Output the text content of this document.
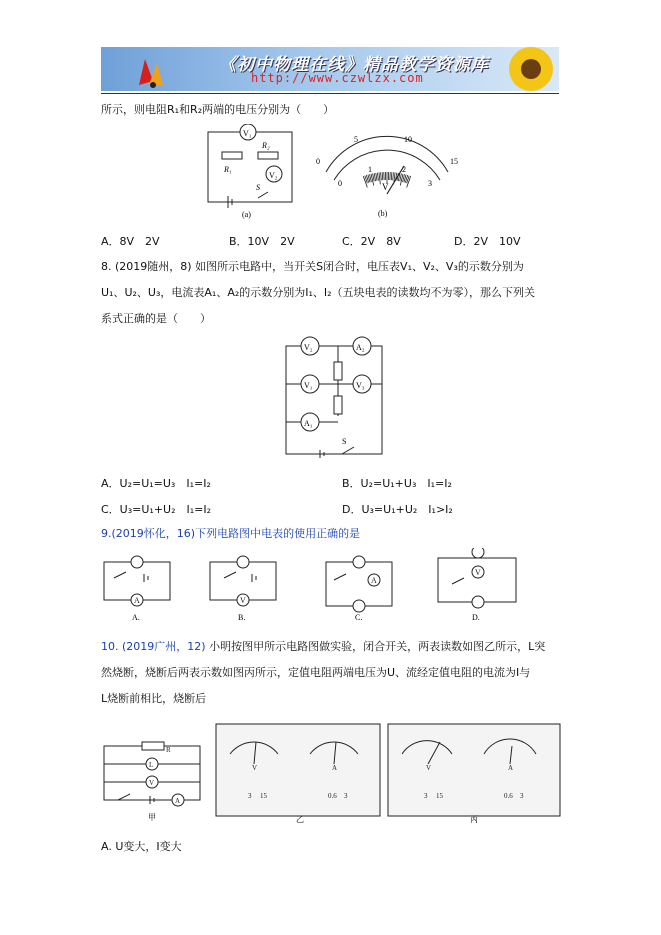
《初中物理在线》精品教学资源库
http://www.czwlzx.com
所示，则电阻R₁和R₂两端的电压分别为（　　）
V₁
V₂
R₁
R₂
S
(a)
0
5	10
15
0
1	2
3
V
(b)
A．8V　2V	B．10V　2V	C．2V　8V	D．2V　10V
8. (2019随州，8) 如图所示电路中，当开关S闭合时，电压表V₁、V₂、V₃的示数分别为
U₁、U₂、U₃，电流表A₁、A₂的示数分别为I₁、I₂（五块电表的读数均不为零），那么下列关
系式正确的是（　　）
V₂	A₂
V₁	V₃
A₁
S
A．U₂=U₁=U₃　I₁=I₂	B．U₂=U₁+U₃　I₁=I₂
C．U₃=U₁+U₂　I₁=I₂	D．U₃=U₁+U₂　I₁>I₂
9.(2019怀化，16)下列电路图中电表的使用正确的是
A	V
A
V
A.	B.	C.	D.
10. (2019广州，12) 小明按图甲所示电路图做实验，闭合开关，两表读数如图乙所示，L突
然烧断，烧断后两表示数如图丙所示，定值电阻两端电压为U、流经定值电阻的电流为I与
L烧断前相比，烧断后
R
L
V
A
V	A	V	A
3 15	0.6 3	3 15	0.6 3
甲	乙	丙
A. U变大，I变大
